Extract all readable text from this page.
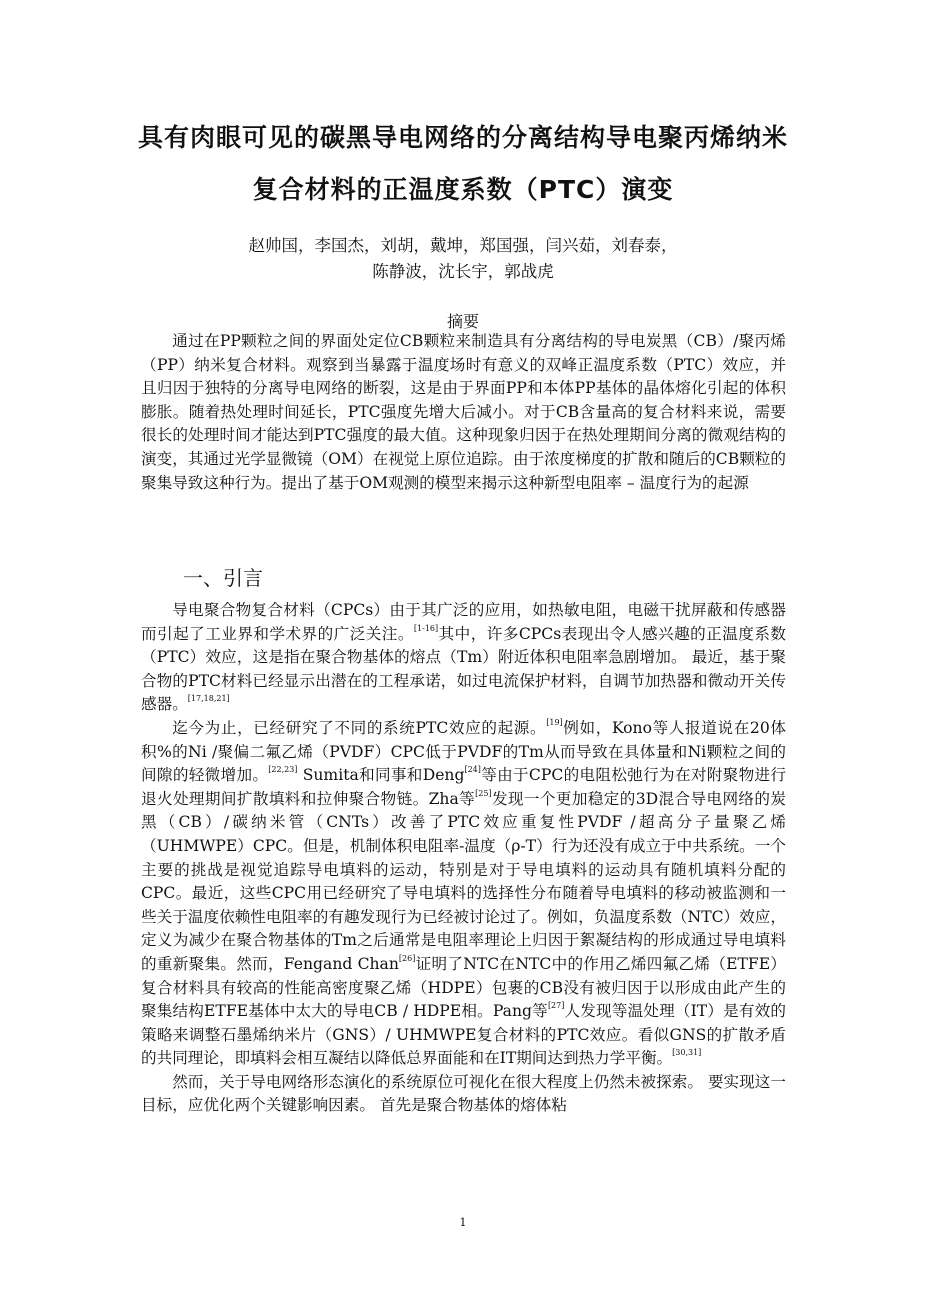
具有肉眼可见的碳黑导电网络的分离结构导电聚丙烯纳米
复合材料的正温度系数（PTC）演变
赵帅国，李国杰，刘胡，戴坤，郑国强，闫兴茹，刘春泰，
陈静波，沈长宇，郭战虎
摘要

通过在PP颗粒之间的界面处定位CB颗粒来制造具有分离结构的导电炭黑（CB）/聚丙烯（PP）纳米复合材料。观察到当暴露于温度场时有意义的双峰正温度系数（PTC）效应，并且归因于独特的分离导电网络的断裂，这是由于界面PP和本体PP基体的晶体熔化引起的体积膨胀。随着热处理时间延长，PTC强度先增大后减小。对于CB含量高的复合材料来说，需要很长的处理时间才能达到PTC强度的最大值。这种现象归因于在热处理期间分离的微观结构的演变，其通过光学显微镜（OM）在视觉上原位追踪。由于浓度梯度的扩散和随后的CB颗粒的聚集导致这种行为。提出了基于OM观测的模型来揭示这种新型电阻率 – 温度行为的起源

一、引言

导电聚合物复合材料（CPCs）由于其广泛的应用，如热敏电阻，电磁干扰屏蔽和传感器而引起了工业界和学术界的广泛关注。[1-16]其中，许多CPCs表现出令人感兴趣的正温度系数（PTC）效应，这是指在聚合物基体的熔点（Tm）附近体积电阻率急剧增加。 最近，基于聚合物的PTC材料已经显示出潜在的工程承诺，如过电流保护材料，自调节加热器和微动开关传感器。[17,18,21]

迄今为止，已经研究了不同的系统PTC效应的起源。[19]例如，Kono等人报道说在20体积%的Ni /聚偏二氟乙烯（PVDF）CPC低于PVDF的Tm从而导致在具体量和Ni颗粒之间的间隙的轻微增加。[22,23] Sumita和同事和Deng[24]等由于CPC的电阻松弛行为在对附聚物进行退火处理期间扩散填料和拉伸聚合物链。Zha等[25]发现一个更加稳定的3D混合导电网络的炭黑（CB）/碳纳米管（CNTs）改善了PTC效应重复性PVDF /超高分子量聚乙烯（UHMWPE）CPC。但是，机制体积电阻率-温度（ρ-T）行为还没有成立于中共系统。一个主要的挑战是视觉追踪导电填料的运动，特别是对于导电填料的运动具有随机填料分配的CPC。最近，这些CPC用已经研究了导电填料的选择性分布随着导电填料的移动被监测和一些关于温度依赖性电阻率的有趣发现行为已经被讨论过了。例如，负温度系数（NTC）效应，定义为减少在聚合物基体的Tm之后通常是电阻率理论上归因于絮凝结构的形成通过导电填料的重新聚集。然而，Fengand Chan[26]证明了NTC在NTC中的作用乙烯四氟乙烯（ETFE）复合材料具有较高的性能高密度聚乙烯（HDPE）包裹的CB没有被归因于以形成由此产生的聚集结构ETFE基体中太大的导电CB / HDPE相。Pang等[27]人发现等温处理（IT）是有效的策略来调整石墨烯纳米片（GNS）/ UHMWPE复合材料的PTC效应。看似GNS的扩散矛盾的共同理论，即填料会相互凝结以降低总界面能和在IT期间达到热力学平衡。[30,31]

然而，关于导电网络形态演化的系统原位可视化在很大程度上仍然未被探索。 要实现这一目标，应优化两个关键影响因素。 首先是聚合物基体的熔体粘

1
